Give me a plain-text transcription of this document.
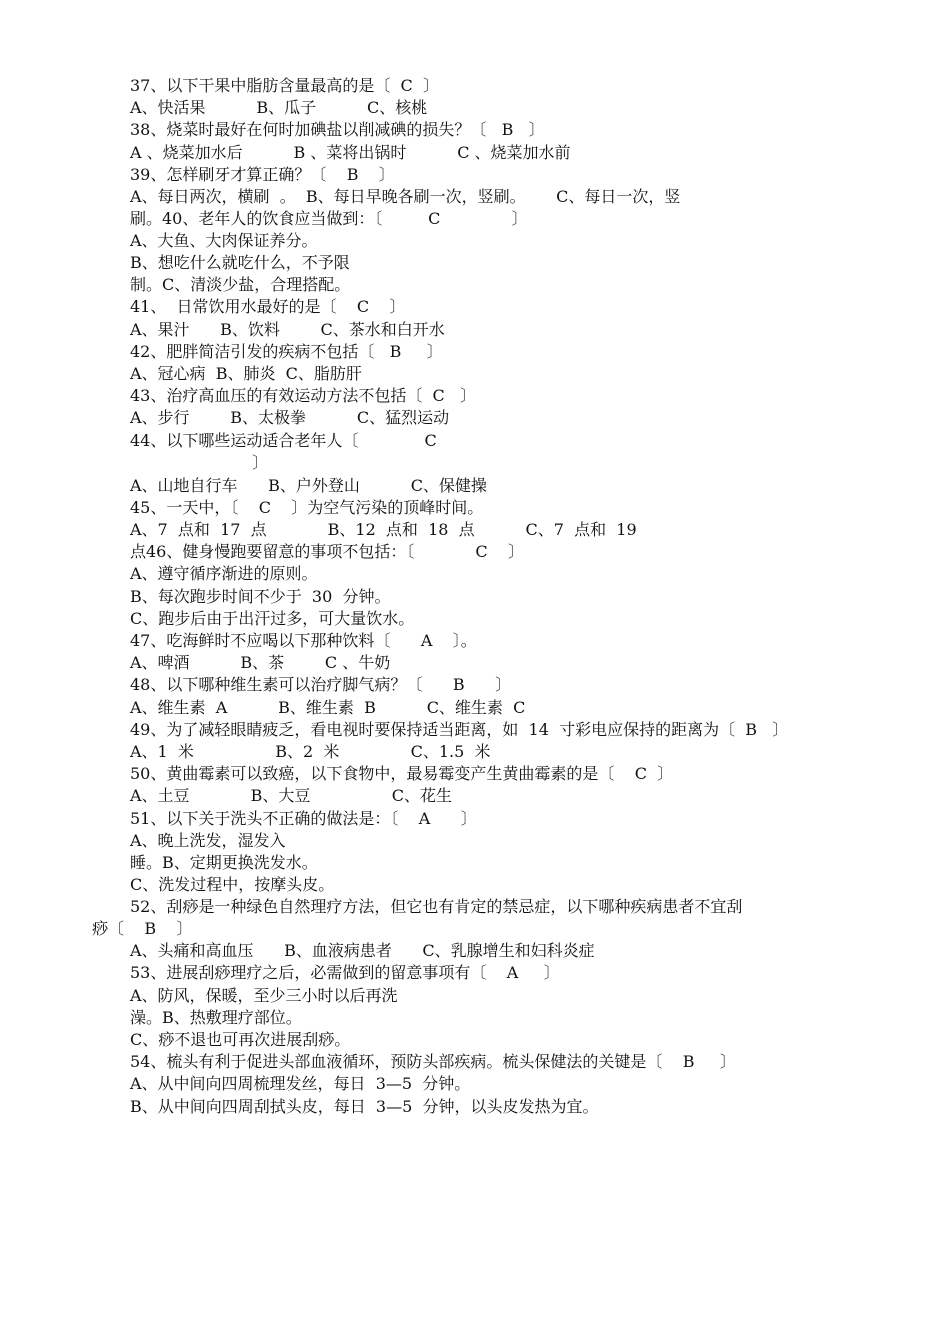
37、以下干果中脂肪含量最高的是〔  C  〕

A、快活果          B、瓜子          C、核桃

38、烧菜时最好在何时加碘盐以削减碘的损失？〔   B   〕

A 、烧菜加水后          B 、菜将出锅时          C 、烧菜加水前

39、怎样刷牙才算正确？〔    B    〕

A、每日两次，横刷  。  B、每日早晚各刷一次，竖刷。      C、每日一次，竖

刷。40、老年人的饮食应当做到：〔         C              〕

A、大鱼、大肉保证养分。

B、想吃什么就吃什么，不予限

制。C、清淡少盐，合理搭配。

41、  日常饮用水最好的是〔    C    〕

A、果汁      B、饮料        C、茶水和白开水

42、肥胖简洁引发的疾病不包括〔   B     〕

A、冠心病  B、肺炎  C、脂肪肝

43、治疗高血压的有效运动方法不包括〔  C   〕

A、步行        B、太极拳          C、猛烈运动

44、以下哪些运动适合老年人〔             C

〕

A、山地自行车      B、户外登山          C、保健操

45、一天中，〔    C    〕为空气污染的顶峰时间。

A、7  点和  17  点            B、12  点和  18  点          C、7  点和  19

点46、健身慢跑要留意的事项不包括：〔            C    〕

A、遵守循序渐进的原则。

B、每次跑步时间不少于  30  分钟。

C、跑步后由于出汗过多，可大量饮水。

47、吃海鲜时不应喝以下那种饮料〔      A    〕。

A、啤酒          B、茶        C 、牛奶

48、以下哪种维生素可以治疗脚气病？〔      B      〕

A、维生素  A          B、维生素  B          C、维生素  C

49、为了减轻眼睛疲乏，看电视时要保持适当距离，如  14  寸彩电应保持的距离为〔  B   〕

A、1  米                B、2  米              C、1.5  米

50、黄曲霉素可以致癌，以下食物中，最易霉变产生黄曲霉素的是〔    C  〕

A、土豆            B、大豆                C、花生

51、以下关于洗头不正确的做法是：〔    A      〕

A、晚上洗发，湿发入

睡。B、定期更换洗发水。

C、洗发过程中，按摩头皮。

52、刮痧是一种绿色自然理疗方法，但它也有肯定的禁忌症，以下哪种疾病患者不宜刮

痧〔    B    〕

A、头痛和高血压      B、血液病患者      C、乳腺增生和妇科炎症

53、进展刮痧理疗之后，必需做到的留意事项有〔    A     〕

A、防风，保暖，至少三小时以后再洗

澡。B、热敷理疗部位。

C、痧不退也可再次进展刮痧。

54、梳头有利于促进头部血液循环，预防头部疾病。梳头保健法的关键是〔    B     〕

A、从中间向四周梳理发丝，每日  3—5  分钟。

B、从中间向四周刮拭头皮，每日  3—5  分钟，以头皮发热为宜。
